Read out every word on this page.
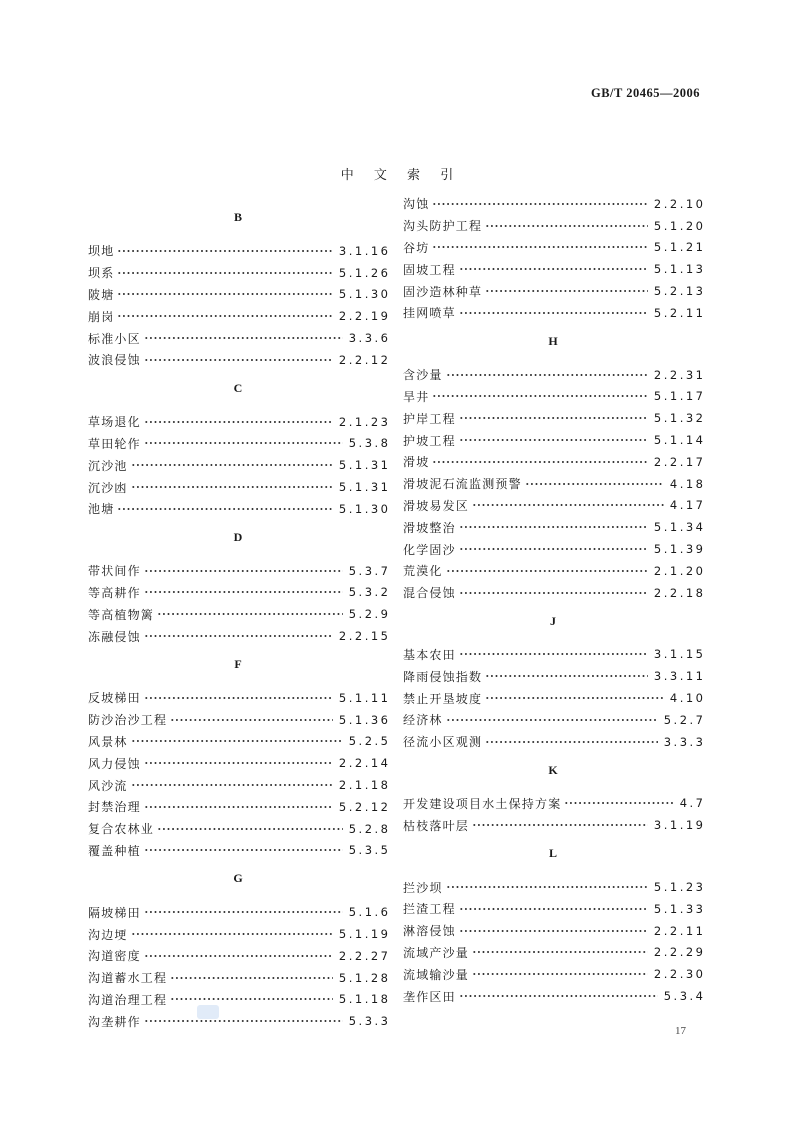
GB/T 20465—2006
中 文 索 引
B
坝地	3.1.16
坝系	5.1.26
陂塘	5.1.30
崩岗	2.2.19
标准小区	3.3.6
波浪侵蚀	2.2.12
C
草场退化	2.1.23
草田轮作	5.3.8
沉沙池	5.1.31
沉沙凼	5.1.31
池塘	5.1.30
D
带状间作	5.3.7
等高耕作	5.3.2
等高植物篱	5.2.9
冻融侵蚀	2.2.15
F
反坡梯田	5.1.11
防沙治沙工程	5.1.36
风景林	5.2.5
风力侵蚀	2.2.14
风沙流	2.1.18
封禁治理	5.2.12
复合农林业	5.2.8
覆盖种植	5.3.5
G
隔坡梯田	5.1.6
沟边埂	5.1.19
沟道密度	2.2.27
沟道蓄水工程	5.1.28
沟道治理工程	5.1.18
沟垄耕作	5.3.3
沟蚀	2.2.10
沟头防护工程	5.1.20
谷坊	5.1.21
固坡工程	5.1.13
固沙造林种草	5.2.13
挂网喷草	5.2.11
H
含沙量	2.2.31
旱井	5.1.17
护岸工程	5.1.32
护坡工程	5.1.14
滑坡	2.2.17
滑坡泥石流监测预警	4.18
滑坡易发区	4.17
滑坡整治	5.1.34
化学固沙	5.1.39
荒漠化	2.1.20
混合侵蚀	2.2.18
J
基本农田	3.1.15
降雨侵蚀指数	3.3.11
禁止开垦坡度	4.10
经济林	5.2.7
径流小区观测	3.3.3
K
开发建设项目水土保持方案	4.7
枯枝落叶层	3.1.19
L
拦沙坝	5.1.23
拦渣工程	5.1.33
淋溶侵蚀	2.2.11
流域产沙量	2.2.29
流域输沙量	2.2.30
垄作区田	5.3.4
17
